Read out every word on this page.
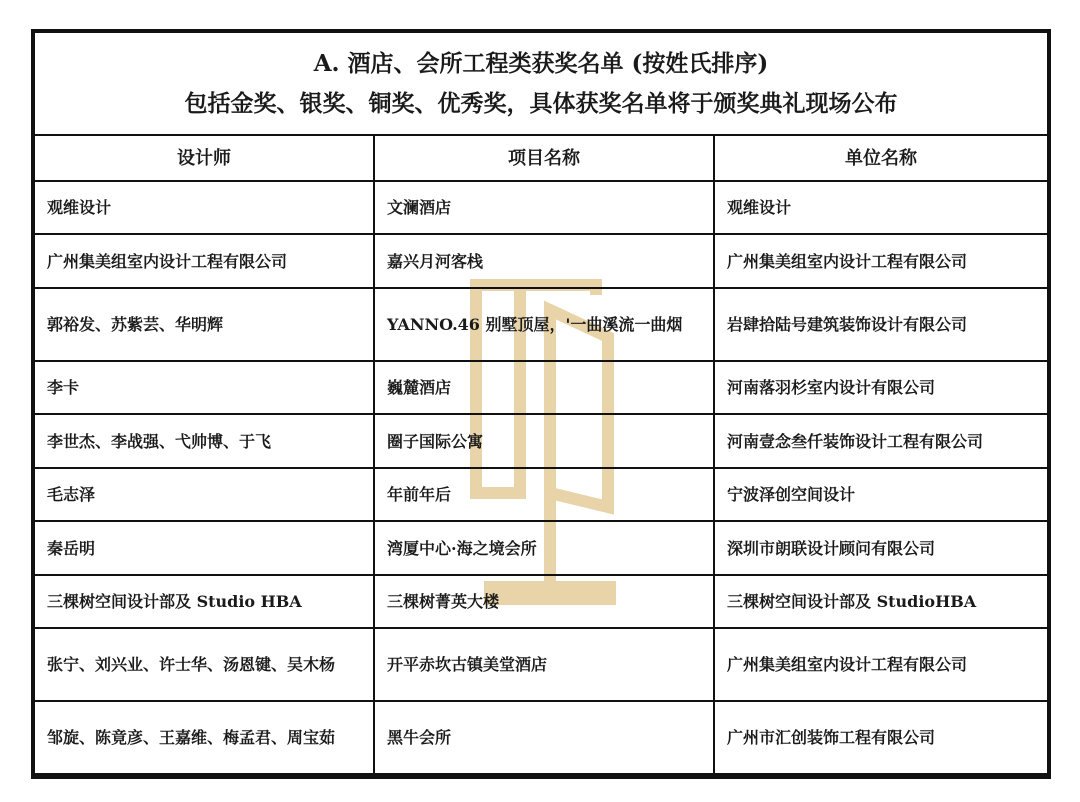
A. 酒店、会所工程类获奖名单 (按姓氏排序)
包括金奖、银奖、铜奖、优秀奖，具体获奖名单将于颁奖典礼现场公布		

设计师	项目名称	单位名称
观维设计	文澜酒店	观维设计
广州集美组室内设计工程有限公司	嘉兴月河客栈	广州集美组室内设计工程有限公司
郭裕发、苏紫芸、华明辉	YANNO.46 别墅顶屋，'一曲溪流一曲烟	岩肆拾陆号建筑装饰设计有限公司
李卡	巍麓酒店	河南落羽杉室内设计有限公司
李世杰、李战强、弋帅博、于飞	圈子国际公寓	河南壹念叁仟装饰设计工程有限公司
毛志泽	年前年后	宁波泽创空间设计
秦岳明	湾厦中心·海之境会所	深圳市朗联设计顾问有限公司
三棵树空间设计部及 Studio HBA	三棵树菁英大楼	三棵树空间设计部及 StudioHBA
张宁、刘兴业、许士华、汤恩键、吴木杨	开平赤坎古镇美堂酒店	广州集美组室内设计工程有限公司
邹旋、陈竟彦、王嘉维、梅孟君、周宝茹	黑牛会所	广州市汇创装饰工程有限公司
